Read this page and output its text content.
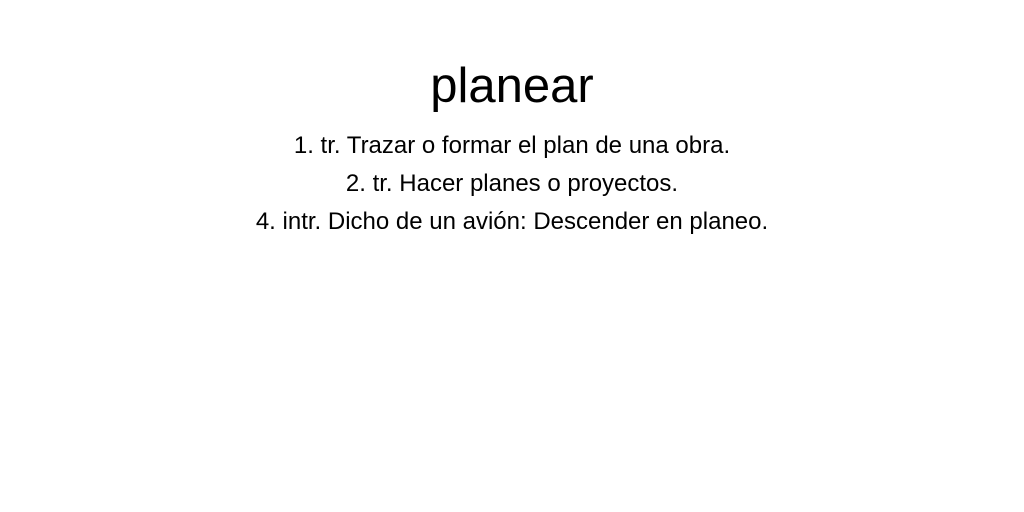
planear
1. tr. Trazar o formar el plan de una obra.
2. tr. Hacer planes o proyectos.
4. intr. Dicho de un avión: Descender en planeo.
